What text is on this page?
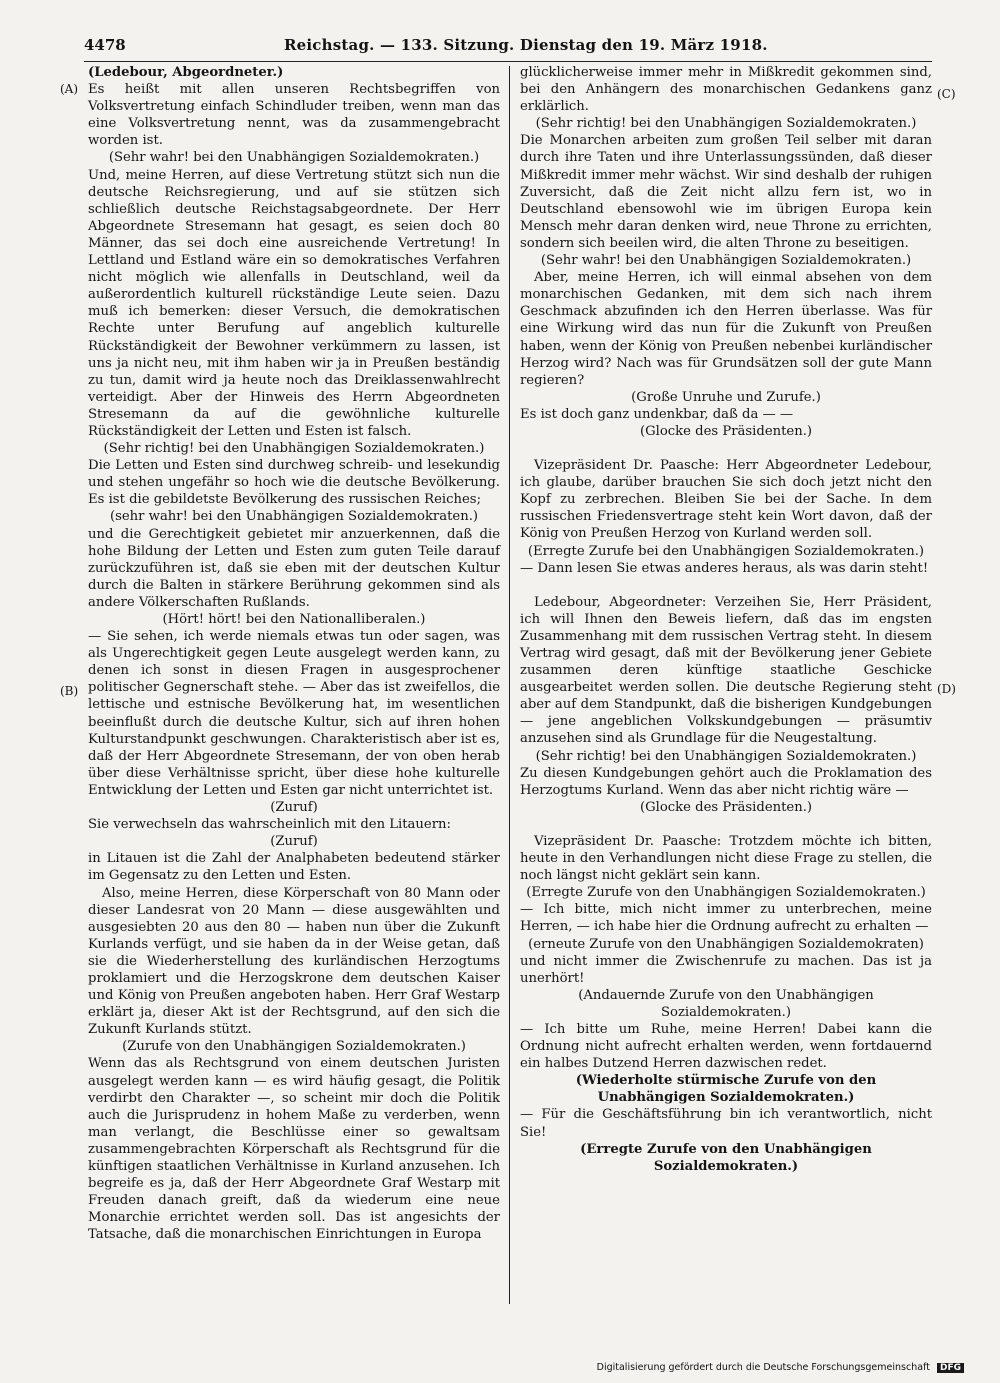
4478	Reichstag. — 133. Sitzung. Dienstag den 19. März 1918.
(A)
(B)
(C)
(D)

(Ledebour, Abgeordneter.)

Es heißt mit allen unseren Rechtsbegriffen von Volksvertretung einfach Schindluder treiben, wenn man das eine Volksvertretung nennt, was da zusammengebracht worden ist.

(Sehr wahr! bei den Unabhängigen Sozialdemokraten.)

Und, meine Herren, auf diese Vertretung stützt sich nun die deutsche Reichsregierung, und auf sie stützen sich schließlich deutsche Reichstagsabgeordnete. Der Herr Abgeordnete Stresemann hat gesagt, es seien doch 80 Männer, das sei doch eine ausreichende Vertretung! In Lettland und Estland wäre ein so demokratisches Verfahren nicht möglich wie allenfalls in Deutschland, weil da außerordentlich kulturell rückständige Leute seien. Dazu muß ich bemerken: dieser Versuch, die demokratischen Rechte unter Berufung auf angeblich kulturelle Rückständigkeit der Bewohner verkümmern zu lassen, ist uns ja nicht neu, mit ihm haben wir ja in Preußen beständig zu tun, damit wird ja heute noch das Dreiklassenwahlrecht verteidigt. Aber der Hinweis des Herrn Abgeordneten Stresemann da auf die gewöhnliche kulturelle Rückständigkeit der Letten und Esten ist falsch.

(Sehr richtig! bei den Unabhängigen Sozialdemokraten.)

Die Letten und Esten sind durchweg schreib- und lesekundig und stehen ungefähr so hoch wie die deutsche Bevölkerung. Es ist die gebildetste Bevölkerung des russischen Reiches;

(sehr wahr! bei den Unabhängigen Sozialdemokraten.)

und die Gerechtigkeit gebietet mir anzuerkennen, daß die hohe Bildung der Letten und Esten zum guten Teile darauf zurückzuführen ist, daß sie eben mit der deutschen Kultur durch die Balten in stärkere Berührung gekommen sind als andere Völkerschaften Rußlands.

(Hört! hört! bei den Nationalliberalen.)

— Sie sehen, ich werde niemals etwas tun oder sagen, was als Ungerechtigkeit gegen Leute ausgelegt werden kann, zu denen ich sonst in diesen Fragen in ausgesprochener politischer Gegnerschaft stehe. — Aber das ist zweifellos, die lettische und estnische Bevölkerung hat, im wesentlichen beeinflußt durch die deutsche Kultur, sich auf ihren hohen Kulturstandpunkt geschwungen. Charakteristisch aber ist es, daß der Herr Abgeordnete Stresemann, der von oben herab über diese Verhältnisse spricht, über diese hohe kulturelle Entwicklung der Letten und Esten gar nicht unterrichtet ist.

(Zuruf)

Sie verwechseln das wahrscheinlich mit den Litauern:

(Zuruf)

in Litauen ist die Zahl der Analphabeten bedeutend stärker im Gegensatz zu den Letten und Esten.

Also, meine Herren, diese Körperschaft von 80 Mann oder dieser Landesrat von 20 Mann — diese ausgewählten und ausgesiebten 20 aus den 80 — haben nun über die Zukunft Kurlands verfügt, und sie haben da in der Weise getan, daß sie die Wiederherstellung des kurländischen Herzogtums proklamiert und die Herzogskrone dem deutschen Kaiser und König von Preußen angeboten haben. Herr Graf Westarp erklärt ja, dieser Akt ist der Rechtsgrund, auf den sich die Zukunft Kurlands stützt.

(Zurufe von den Unabhängigen Sozialdemokraten.)

Wenn das als Rechtsgrund von einem deutschen Juristen ausgelegt werden kann — es wird häufig gesagt, die Politik verdirbt den Charakter —, so scheint mir doch die Politik auch die Jurisprudenz in hohem Maße zu verderben, wenn man verlangt, die Beschlüsse einer so gewaltsam zusammengebrachten Körperschaft als Rechtsgrund für die künftigen staatlichen Verhältnisse in Kurland anzusehen. Ich begreife es ja, daß der Herr Abgeordnete Graf Westarp mit Freuden danach greift, daß da wiederum eine neue Monarchie errichtet werden soll. Das ist angesichts der Tatsache, daß die monarchischen Einrichtungen in Europa

glücklicherweise immer mehr in Mißkredit gekommen sind, bei den Anhängern des monarchischen Gedankens ganz erklärlich.

(Sehr richtig! bei den Unabhängigen Sozialdemokraten.)

Die Monarchen arbeiten zum großen Teil selber mit daran durch ihre Taten und ihre Unterlassungssünden, daß dieser Mißkredit immer mehr wächst. Wir sind deshalb der ruhigen Zuversicht, daß die Zeit nicht allzu fern ist, wo in Deutschland ebensowohl wie im übrigen Europa kein Mensch mehr daran denken wird, neue Throne zu errichten, sondern sich beeilen wird, die alten Throne zu beseitigen.

(Sehr wahr! bei den Unabhängigen Sozialdemokraten.)

Aber, meine Herren, ich will einmal absehen von dem monarchischen Gedanken, mit dem sich nach ihrem Geschmack abzufinden ich den Herren überlasse. Was für eine Wirkung wird das nun für die Zukunft von Preußen haben, wenn der König von Preußen nebenbei kurländischer Herzog wird? Nach was für Grundsätzen soll der gute Mann regieren?

(Große Unruhe und Zurufe.)

Es ist doch ganz undenkbar, daß da — —

(Glocke des Präsidenten.)

Vizepräsident Dr. Paasche: Herr Abgeordneter Ledebour, ich glaube, darüber brauchen Sie sich doch jetzt nicht den Kopf zu zerbrechen. Bleiben Sie bei der Sache. In dem russischen Friedensvertrage steht kein Wort davon, daß der König von Preußen Herzog von Kurland werden soll.

(Erregte Zurufe bei den Unabhängigen Sozialdemokraten.)

— Dann lesen Sie etwas anderes heraus, als was darin steht!

Ledebour, Abgeordneter: Verzeihen Sie, Herr Präsident, ich will Ihnen den Beweis liefern, daß das im engsten Zusammenhang mit dem russischen Vertrag steht. In diesem Vertrag wird gesagt, daß mit der Bevölkerung jener Gebiete zusammen deren künftige staatliche Geschicke ausgearbeitet werden sollen. Die deutsche Regierung steht aber auf dem Standpunkt, daß die bisherigen Kundgebungen — jene angeblichen Volkskundgebungen — präsumtiv anzusehen sind als Grundlage für die Neugestaltung.

(Sehr richtig! bei den Unabhängigen Sozialdemokraten.)

Zu diesen Kundgebungen gehört auch die Proklamation des Herzogtums Kurland. Wenn das aber nicht richtig wäre —

(Glocke des Präsidenten.)

Vizepräsident Dr. Paasche: Trotzdem möchte ich bitten, heute in den Verhandlungen nicht diese Frage zu stellen, die noch längst nicht geklärt sein kann.

(Erregte Zurufe von den Unabhängigen Sozialdemokraten.)

— Ich bitte, mich nicht immer zu unterbrechen, meine Herren, — ich habe hier die Ordnung aufrecht zu erhalten —

(erneute Zurufe von den Unabhängigen Sozialdemokraten)

und nicht immer die Zwischenrufe zu machen. Das ist ja unerhört!

(Andauernde Zurufe von den Unabhängigen Sozialdemokraten.)

— Ich bitte um Ruhe, meine Herren! Dabei kann die Ordnung nicht aufrecht erhalten werden, wenn fortdauernd ein halbes Dutzend Herren dazwischen redet.

(Wiederholte stürmische Zurufe von den Unabhängigen Sozialdemokraten.)

— Für die Geschäftsführung bin ich verantwortlich, nicht Sie!

(Erregte Zurufe von den Unabhängigen Sozialdemokraten.)

Digitalisierung gefördert durch die Deutsche Forschungsgemeinschaft DFG
